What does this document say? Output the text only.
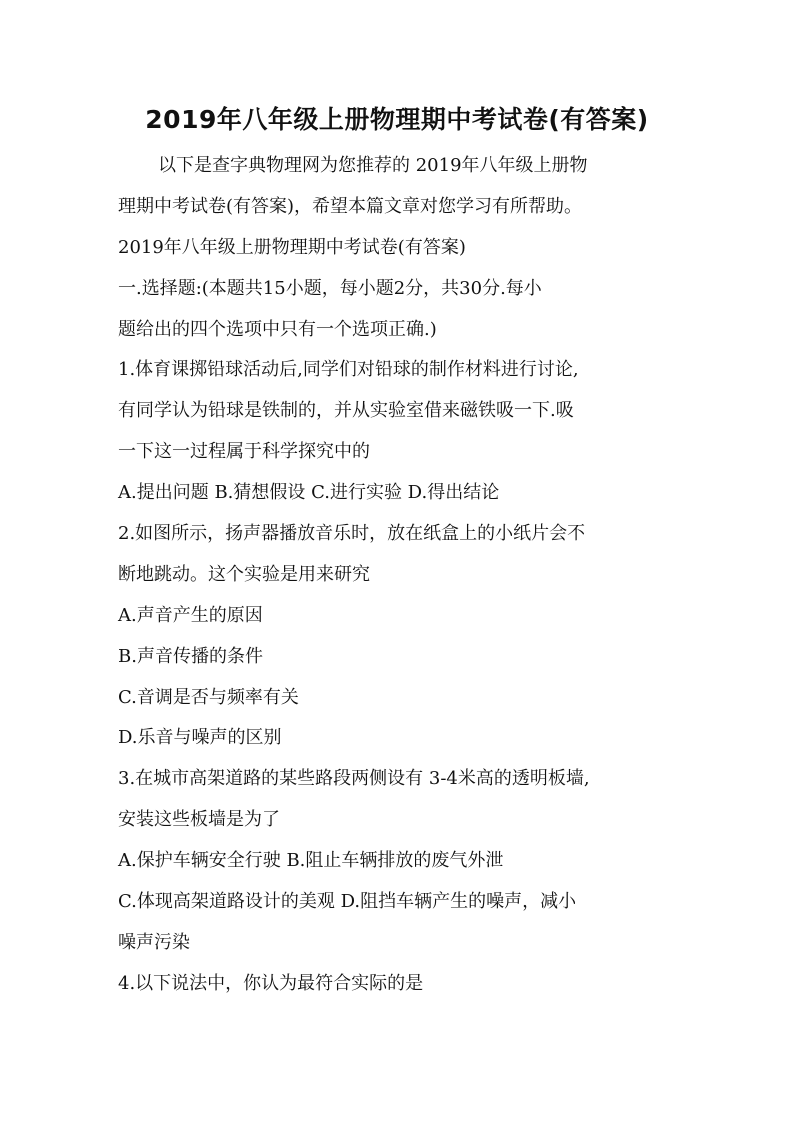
2019年八年级上册物理期中考试卷(有答案)
以下是查字典物理网为您推荐的 2019年八年级上册物
理期中考试卷(有答案)，希望本篇文章对您学习有所帮助。
2019年八年级上册物理期中考试卷(有答案)
一.选择题:(本题共15小题，每小题2分，共30分.每小
题给出的四个选项中只有一个选项正确.)
1.体育课掷铅球活动后,同学们对铅球的制作材料进行讨论,
有同学认为铅球是铁制的，并从实验室借来磁铁吸一下.吸
一下这一过程属于科学探究中的
A.提出问题 B.猜想假设 C.进行实验 D.得出结论
2.如图所示，扬声器播放音乐时，放在纸盒上的小纸片会不
断地跳动。这个实验是用来研究
A.声音产生的原因
B.声音传播的条件
C.音调是否与频率有关
D.乐音与噪声的区别
3.在城市高架道路的某些路段两侧设有 3-4米高的透明板墙,
安装这些板墙是为了
A.保护车辆安全行驶 B.阻止车辆排放的废气外泄
C.体现高架道路设计的美观 D.阻挡车辆产生的噪声，减小
噪声污染
4.以下说法中，你认为最符合实际的是
